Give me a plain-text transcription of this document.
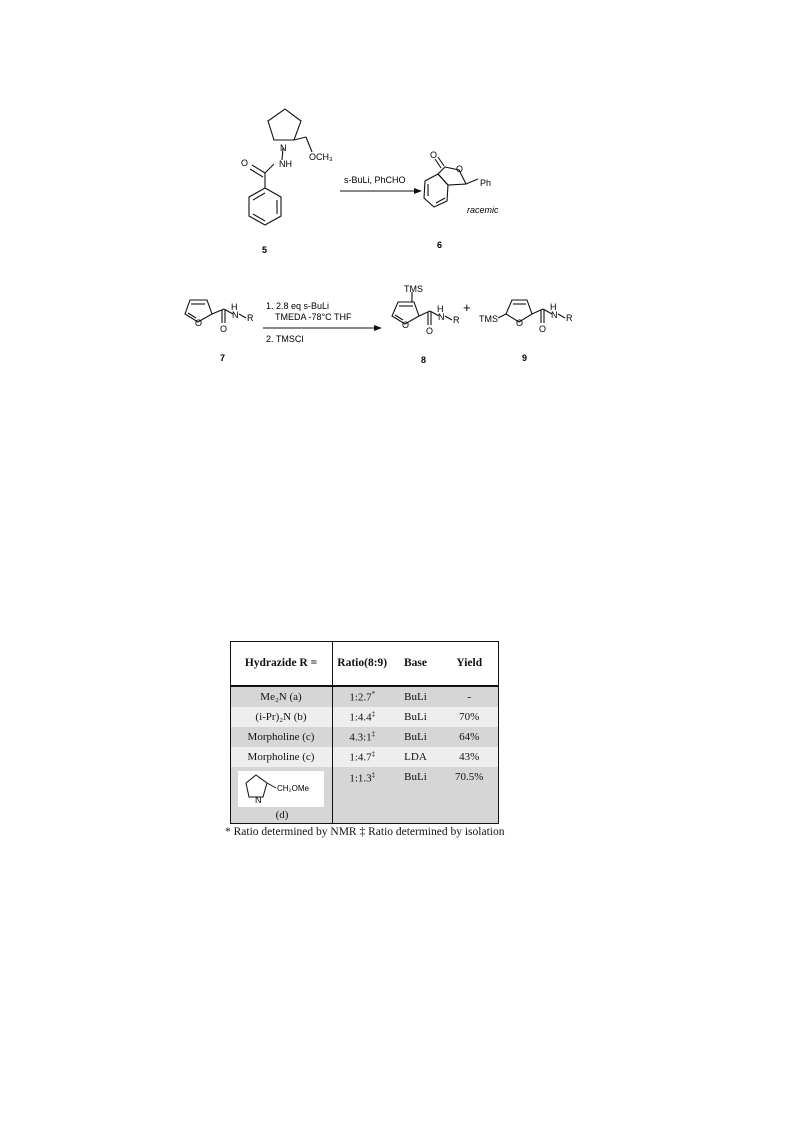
N
NH
O
OCH₃
5
s-BuLi, PhCHO
O
O
Ph
racemic
6
O
O
H
N R
7
1. 2.8 eq s-BuLi
TMEDA -78°C THF
2. TMSCl
TMS
O
O
H
N R
8
+
TMS O
O
H
N R
9
Hydrazide R =	Ratio(8:9)	Base	Yield
Me₂N (a)	1:2.7*	BuLi	-
(i-Pr)₂N (b)	1:4.4‡	BuLi	70%
Morpholine (c)	4.3:1‡	BuLi	64%
Morpholine (c)	1:4.7‡	LDA	43%

N
CH₂OMe
(d)	1:1.3‡	BuLi	70.5%
* Ratio determined by NMR ‡ Ratio determined by isolation
